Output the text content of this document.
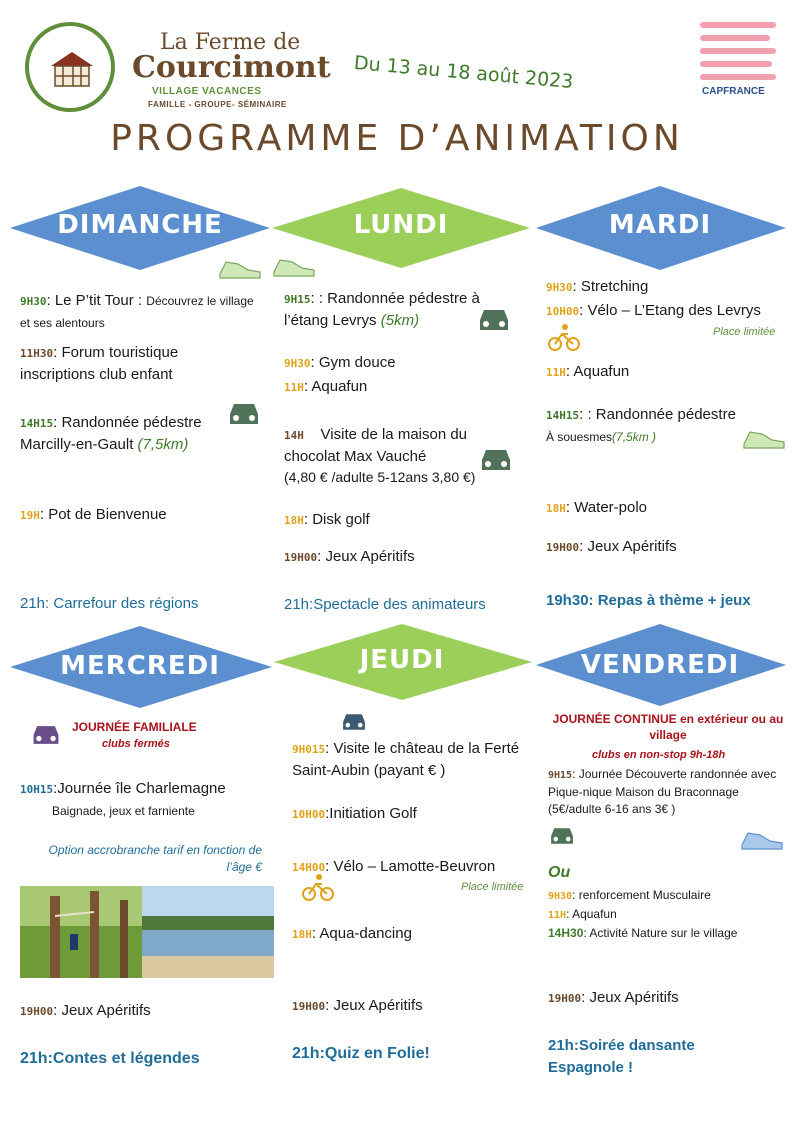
La Ferme de
Courcimont
VILLAGE VACANCES
FAMILLE - GROUPE- SÉMINAIRE
Du 13 au 18 août 2023	CAPFRANCE
PROGRAMME D’ANIMATION
DIMANCHE	LUNDI	MARDI
9H30: Le P’tit Tour : Découvrez le village et ses alentours
11H30: Forum touristique inscriptions club enfant
14H15: Randonnée pédestre Marcilly-en-Gault (7,5km)
19H: Pot de Bienvenue
21h: Carrefour des régions
9H15: : Randonnée pédestre à l’étang Levrys (5km)
9H30: Gym douce
11H: Aquafun
14H Visite de la maison du chocolat Max Vauché
(4,80 € /adulte 5-12ans 3,80 €)
18H: Disk golf
19H00: Jeux Apéritifs
21h:Spectacle des animateurs
9H30: Stretching
10H00: Vélo – L’Etang des Levrys
Place limitée
11H: Aquafun
14H15: : Randonnée pédestre
À souesmes(7,5km )
18H: Water-polo
19H00: Jeux Apéritifs
19h30: Repas à thème + jeux
MERCREDI	JEUDI	VENDREDI
JOURNÉE FAMILIALE
clubs fermés
10H15:Journée île Charlemagne
Baignade, jeux et farniente
Option accrobranche tarif en fonction de l’âge €
19H00: Jeux Apéritifs
21h:Contes et légendes
9H015: Visite le château de la Ferté Saint-Aubin (payant € )
10H00:Initiation Golf
14H00: Vélo – Lamotte-Beuvron
Place limitée
18H: Aqua-dancing
19H00: Jeux Apéritifs
21h:Quiz en Folie!
JOURNÉE CONTINUE en extérieur ou au village
clubs en non-stop 9h-18h
9H15: Journée Découverte randonnée avec Pique-nique Maison du Braconnage (5€/adulte 6-16 ans 3€ )
Ou
9H30: renforcement Musculaire
11H: Aquafun
14H30: Activité Nature sur le village
19H00: Jeux Apéritifs
21h:Soirée dansante Espagnole !
